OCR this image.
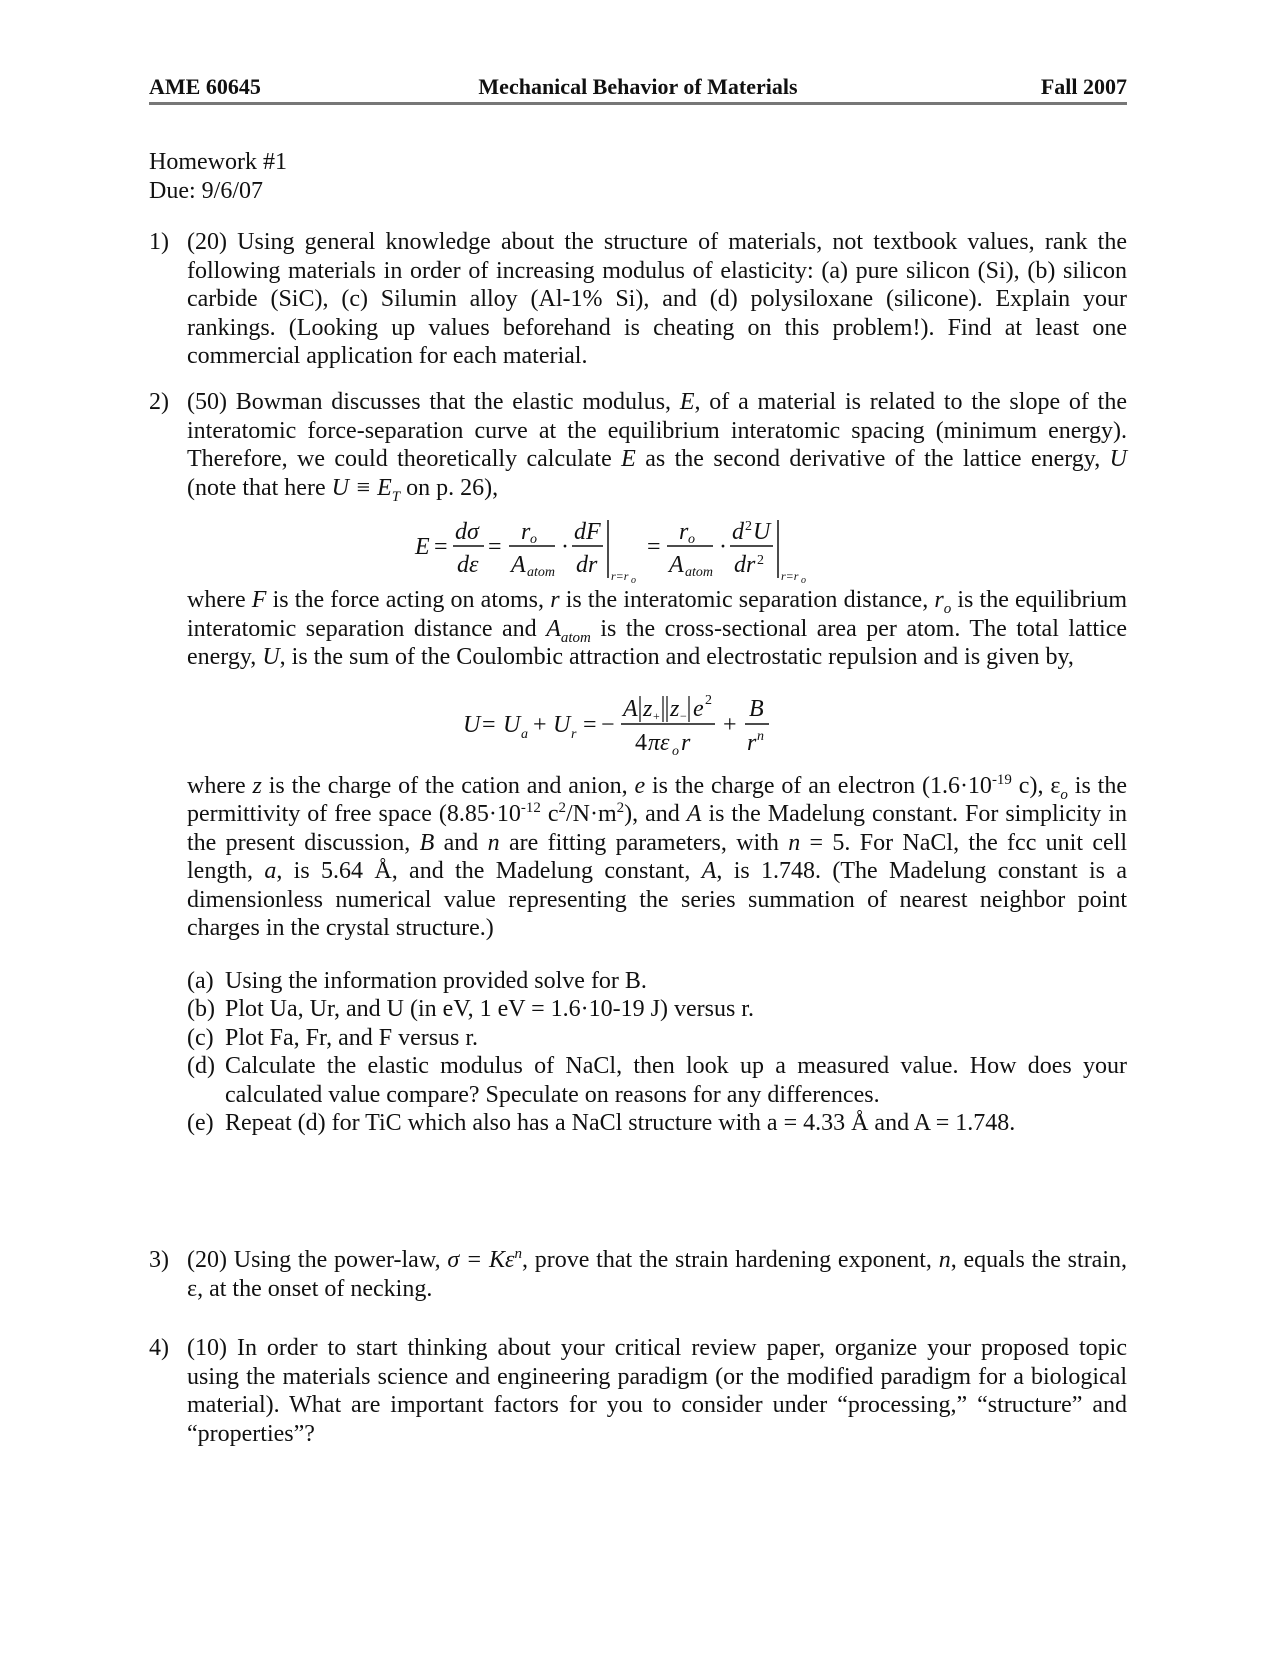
AME 60645	Mechanical Behavior of Materials	Fall 2007
Homework #1
Due: 9/6/07
1) (20) Using general knowledge about the structure of materials, not textbook values, rank the following materials in order of increasing modulus of elasticity: (a) pure silicon (Si), (b) silicon carbide (SiC), (c) Silumin alloy (Al-1% Si), and (d) polysiloxane (silicone). Explain your rankings. (Looking up values beforehand is cheating on this problem!). Find at least one commercial application for each material.

2) (50) Bowman discusses that the elastic modulus, E, of a material is related to the slope of the interatomic force-separation curve at the equilibrium interatomic spacing (minimum energy). Therefore, we could theoretically calculate E as the second derivative of the lattice energy, U (note that here $U \equiv E_T$ on p. 26),

E =
dσ
dε
=
r o
A atom
·
dF
dr r=r o
=
r o
A atom
·
d 2 U
dr 2
r=r o

where F is the force acting on atoms, r is the interatomic separation distance, $r_o$ is the equilibrium interatomic separation distance and $A_{atom}$ is the cross-sectional area per atom. The total lattice energy, U, is the sum of the Coulombic attraction and electrostatic repulsion and is given by,

U = U a + U r = −
A z + z − e 2
4 πε o r
+
B
r n

where z is the charge of the cation and anion, e is the charge of an electron ($1.6\cdot 10^{-19}$ c), $\varepsilon_o$ is the permittivity of free space ($8.85\cdot 10^{-12}$ $c^2/N\cdot m^2$), and A is the Madelung constant. For simplicity in the present discussion, B and n are fitting parameters, with n = 5. For NaCl, the fcc unit cell length, a, is 5.64 Å, and the Madelung constant, A, is 1.748. (The Madelung constant is a dimensionless numerical value representing the series summation of nearest neighbor point charges in the crystal structure.)

(a) Using the information provided solve for B.
(b) Plot Ua, Ur, and U (in eV, 1 eV = 1.6·10-19 J) versus r.
(c) Plot Fa, Fr, and F versus r.
(d) Calculate the elastic modulus of NaCl, then look up a measured value. How does your calculated value compare? Speculate on reasons for any differences.
(e) Repeat (d) for TiC which also has a NaCl structure with a = 4.33 Å and A = 1.748.
3) (20) Using the power-law, $\sigma = K\varepsilon^n$, prove that the strain hardening exponent, n, equals the strain, ε, at the onset of necking.

4) (10) In order to start thinking about your critical review paper, organize your proposed topic using the materials science and engineering paradigm (or the modified paradigm for a biological material). What are important factors for you to consider under “processing,” “structure” and “properties”?
